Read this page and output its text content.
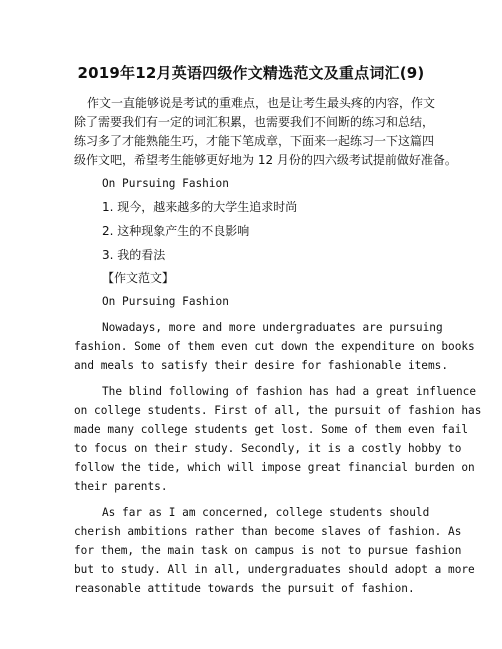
2019年12月英语四级作文精选范文及重点词汇(9)
作文一直能够说是考试的重难点，也是让考生最头疼的内容，作文
除了需要我们有一定的词汇积累，也需要我们不间断的练习和总结，
练习多了才能熟能生巧，才能下笔成章，下面来一起练习一下这篇四
级作文吧，希望考生能够更好地为 12 月份的四六级考试提前做好准备。
On Pursuing Fashion
1. 现今，越来越多的大学生追求时尚
2. 这种现象产生的不良影响
3. 我的看法
【作文范文】
On Pursuing Fashion
Nowadays, more and more undergraduates are pursuing
fashion. Some of them even cut down the expenditure on books
and meals to satisfy their desire for fashionable items.
The blind following of fashion has had a great influence
on college students. First of all, the pursuit of fashion has
made many college students get lost. Some of them even fail
to focus on their study. Secondly, it is a costly hobby to
follow the tide, which will impose great financial burden on
their parents.
As far as I am concerned, college students should
cherish ambitions rather than become slaves of fashion. As
for them, the main task on campus is not to pursue fashion
but to study. All in all, undergraduates should adopt a more
reasonable attitude towards the pursuit of fashion.
